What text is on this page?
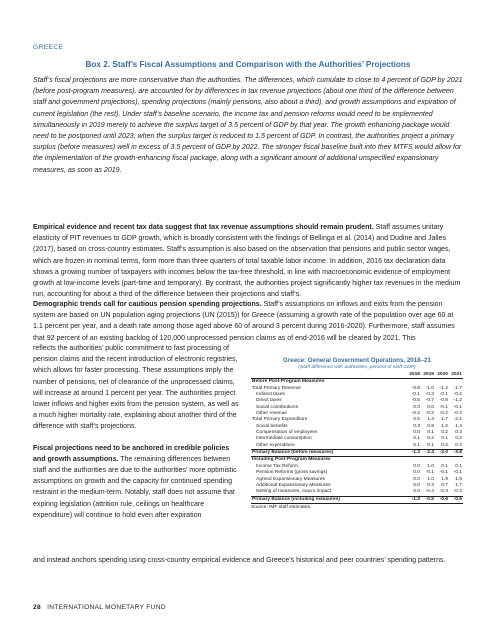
GREECE
Box 2. Staff’s Fiscal Assumptions and Comparison with the Authorities’ Projections

Staff’s fiscal projections are more conservative than the authorities. The differences, which cumulate to close to 4 percent of GDP by 2021 (before post-program measures), are accounted for by differences in tax revenue projections (about one third of the difference between staff and government projections), spending projections (mainly pensions, also about a third), and growth assumptions and expiration of current legislation (the rest). Under staff’s baseline scenario, the income tax and pension reforms would need to be implemented simultaneously in 2019 merely to achieve the surplus target of 3.5 percent of GDP by that year. The growth enhancing package would need to be postponed until 2023, when the surplus target is reduced to 1.5 percent of GDP. In contrast, the authorities project a primary surplus (before measures) well in excess of 3.5 percent of GDP by 2022. The stronger fiscal baseline built into their MTFS would allow for the implementation of the growth-enhancing fiscal package, along with a significant amount of additional unspecified expansionary measures, as soon as 2019.

Empirical evidence and recent tax data suggest that tax revenue assumptions should remain prudent. Staff assumes unitary elasticity of PIT revenues to GDP growth, which is broadly consistent with the findings of Bellinga et al. (2014) and Dudine and Jalles (2017), based on cross-country estimates. Staff’s assumption is also based on the observation that pensions and public sector wages, which are frozen in nominal terms, form more than three quarters of total taxable labor income. In addition, 2016 tax declaration data shows a growing number of taxpayers with incomes below the tax-free threshold, in line with macroeconomic evidence of employment growth at low-income levels (part-time and temporary). By contrast, the authorities project significantly higher tax revenues in the medium run, accounting for about a third of the difference between their projections and staff’s.

Demographic trends call for cautious pension spending projections. Staff’s assumptions on inflows and exits from the pension system are based on UN population aging projections (UN (2015)) for Greece (assuming a growth rate of the population over age 60 at 1.1 percent per year, and a death rate among those aged above 60 of around 3 percent during 2016-2020). Furthermore, staff assumes that 92 percent of an existing backlog of 120,000 unprocessed pension claims as of end-2016 will be cleared by 2021. This

reflects the authorities’ public commitment to fast processing of pension claims and the recent introduction of electronic registries, which allows for faster processing. These assumptions imply the number of pensions, net of clearance of the unprocessed claims, will increase at around 1 percent per year. The authorities project lower inflows and higher exits from the pension system, as well as a much higher mortality rate, explaining about another third of the difference with staff’s projections.

Fiscal projections need to be anchored in credible policies and growth assumptions. The remaining differences between staff and the authorities are due to the authorities’ more optimistic assumptions on growth and the capacity for continued spending restraint in the medium-term. Notably, staff does not assume that expiring legislation (attrition rule, ceilings on healthcare expenditure) will continue to hold even after expiration

Greece: General Government Operations, 2018–21
(Staff difference with authorities, percent of staff GDP)
	2018	2019	2020	2021
Before Post-Program Measures				
Total Primary Revenue	-0.8	-1.0	-1.2	-1.7
Indirect taxes	-0.1	-0.3	-0.1	-0.2
Direct taxes	-0.5	-0.7	-0.9	-1.2
Social contributions	0.0	0.0	-0.1	-0.1
Other revenue	-0.2	-0.2	-0.2	-0.3
Total Primary Expenditure	0.5	1.4	1.7	2.1
Social benefits	0.3	0.9	1.2	1.4
Compensation of employees	0.0	0.1	0.2	0.3
Intermediate consumption	0.1	0.2	0.1	0.2
Other expenditure	0.1	0.1	0.2	0.3
Primary Balance (before measures)	-1.3	-2.4	-3.0	-3.8
Including Post-Program Measures				
Income Tax Reform	0.0	1.0	0.1	0.1
Pension Reforms (gross savings)	0.0	-0.1	-0.1	-0.1
Agreed Expansionary Measures	0.0	1.0	1.9	1.9
Additional Expansionary Measures	0.0	0.3	0.7	1.7
Netting of measures, macro impact	0.0	-0.4	-0.3	-0.3
Primary Balance (including measures)	-1.3	-0.5	-0.6	-0.6
Source: IMF staff estimates.

and instead anchors spending using cross-country empirical evidence and Greece’s historical and peer countries’ spending patterns.

28 INTERNATIONAL MONETARY FUND
